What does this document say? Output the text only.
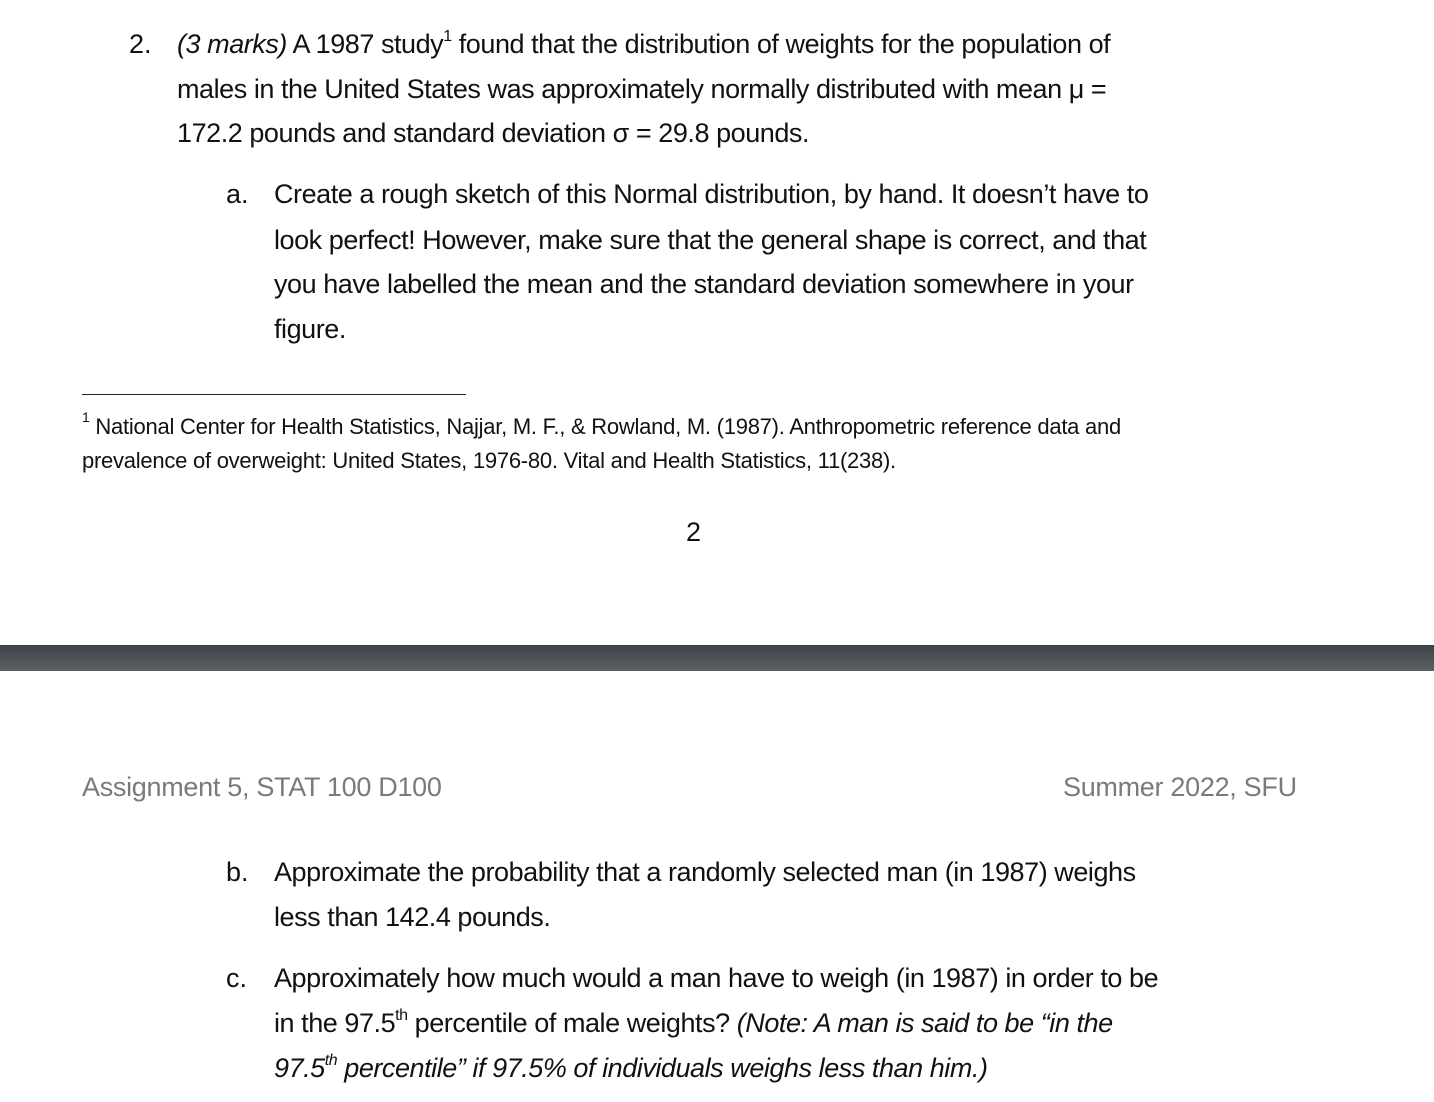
2. (3 marks) A 1987 study$^1$ found that the distribution of weights for the population of
males in the United States was approximately normally distributed with mean μ =
172.2 pounds and standard deviation σ = 29.8 pounds.
a. Create a rough sketch of this Normal distribution, by hand. It doesn’t have to
look perfect! However, make sure that the general shape is correct, and that
you have labelled the mean and the standard deviation somewhere in your
figure.
$^1$ National Center for Health Statistics, Najjar, M. F., & Rowland, M. (1987). Anthropometric reference data and
prevalence of overweight: United States, 1976-80. Vital and Health Statistics, 11(238).
2
Assignment 5, STAT 100 D100	Summer 2022, SFU
b. Approximate the probability that a randomly selected man (in 1987) weighs
less than 142.4 pounds.
c. Approximately how much would a man have to weigh (in 1987) in order to be
in the 97.5th percentile of male weights? (Note: A man is said to be “in the
97.5th percentile” if 97.5% of individuals weighs less than him.)
